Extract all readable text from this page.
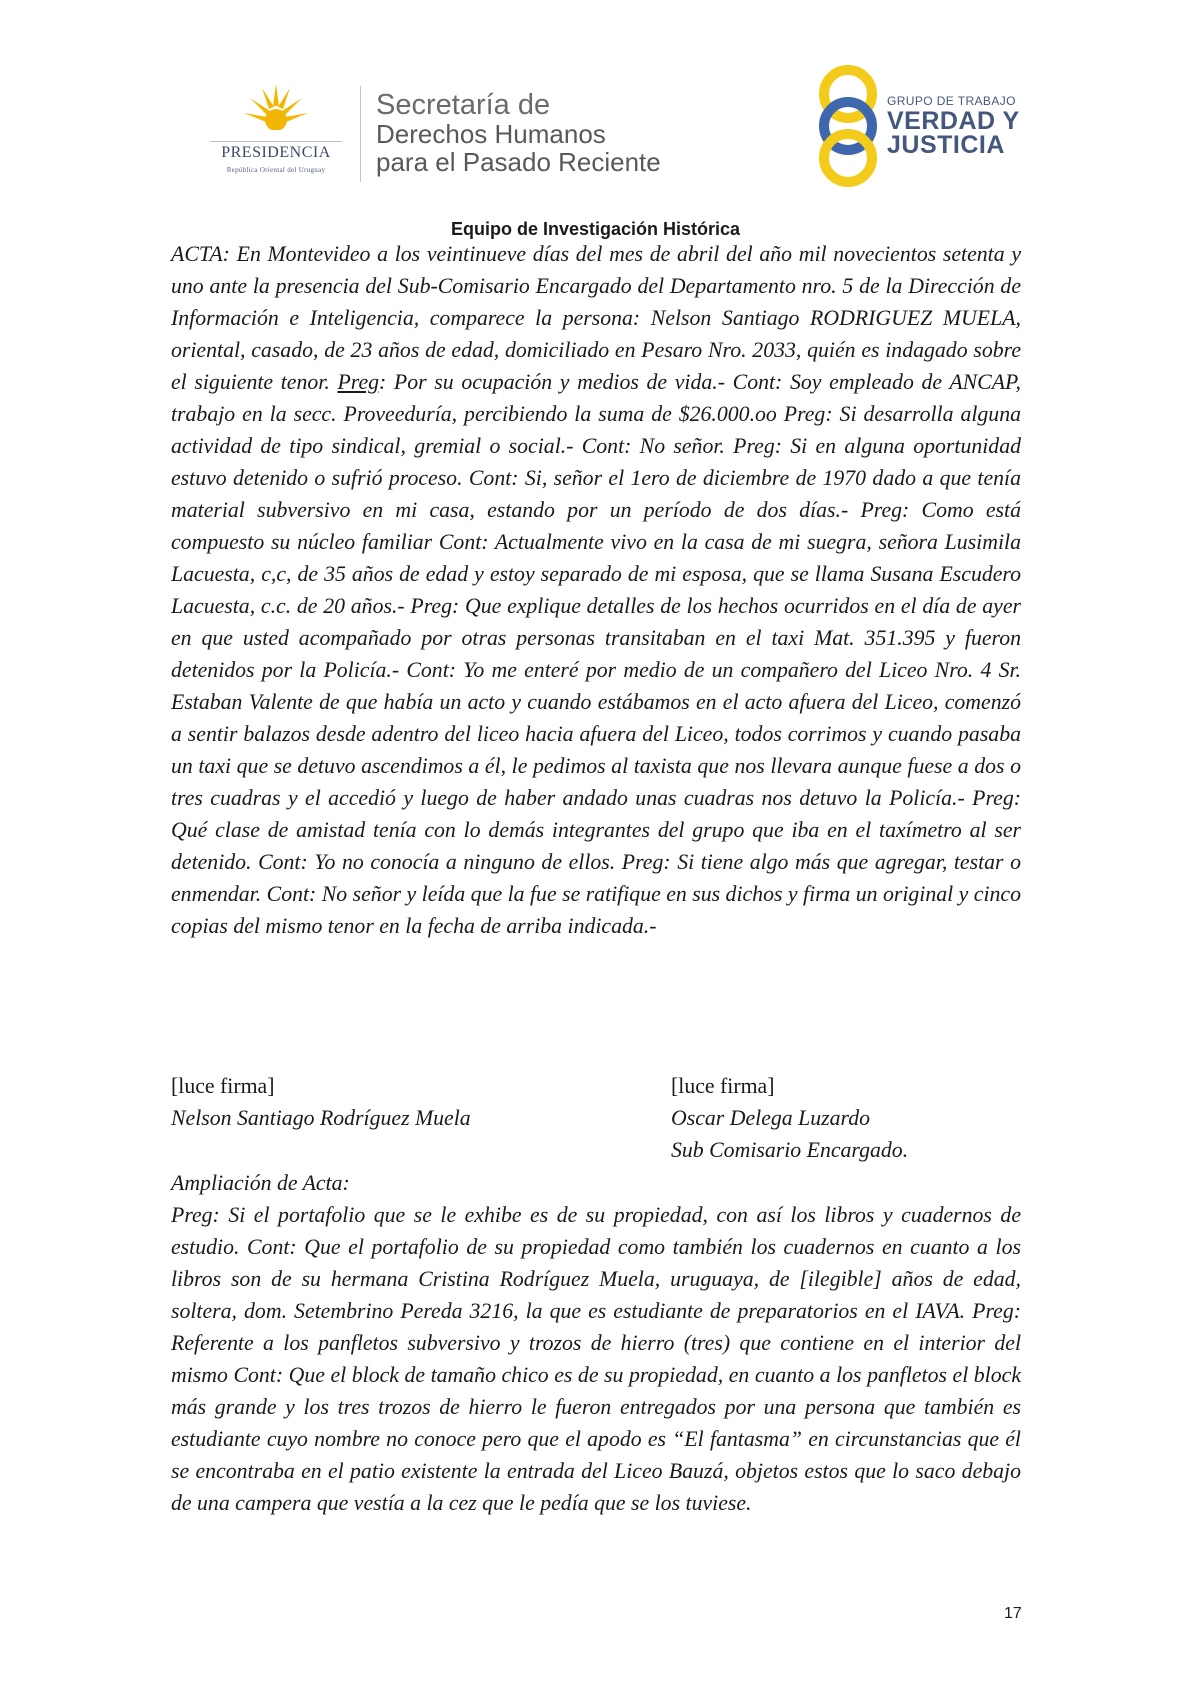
PRESIDENCIA
República Oriental del Uruguay
Secretaría de
Derechos Humanos
para el Pasado Reciente
GRUPO DE TRABAJO
VERDAD Y
JUSTICIA
Equipo de Investigación Histórica

ACTA: En Montevideo a los veintinueve días del mes de abril del año mil novecientos setenta y uno ante la presencia del Sub-Comisario Encargado del Departamento nro. 5 de la Dirección de Información e Inteligencia, comparece la persona: Nelson Santiago RODRIGUEZ MUELA, oriental, casado, de 23 años de edad, domiciliado en Pesaro Nro. 2033, quién es indagado sobre el siguiente tenor. Preg: Por su ocupación y medios de vida.- Cont: Soy empleado de ANCAP, trabajo en la secc. Proveeduría, percibiendo la suma de $26.000.oo Preg: Si desarrolla alguna actividad de tipo sindical, gremial o social.- Cont: No señor. Preg: Si en alguna oportunidad estuvo detenido o sufrió proceso. Cont: Si, señor el 1ero de diciembre de 1970 dado a que tenía material subversivo en mi casa, estando por un período de dos días.- Preg: Como está compuesto su núcleo familiar Cont: Actualmente vivo en la casa de mi suegra, señora Lusimila Lacuesta, c,c, de 35 años de edad y estoy separado de mi esposa, que se llama Susana Escudero Lacuesta, c.c. de 20 años.- Preg: Que explique detalles de los hechos ocurridos en el día de ayer en que usted acompañado por otras personas transitaban en el taxi Mat. 351.395 y fueron detenidos por la Policía.- Cont: Yo me enteré por medio de un compañero del Liceo Nro. 4 Sr. Estaban Valente de que había un acto y cuando estábamos en el acto afuera del Liceo, comenzó a sentir balazos desde adentro del liceo hacia afuera del Liceo, todos corrimos y cuando pasaba un taxi que se detuvo ascendimos a él, le pedimos al taxista que nos llevara aunque fuese a dos o tres cuadras y el accedió y luego de haber andado unas cuadras nos detuvo la Policía.- Preg: Qué clase de amistad tenía con lo demás integrantes del grupo que iba en el taxímetro al ser detenido. Cont: Yo no conocía a ninguno de ellos. Preg: Si tiene algo más que agregar, testar o enmendar. Cont: No señor y leída que la fue se ratifique en sus dichos y firma un original y cinco copias del mismo tenor en la fecha de arriba indicada.-

[luce firma]
Nelson Santiago Rodríguez Muela
[luce firma]
Oscar Delega Luzardo
Sub Comisario Encargado.

Ampliación de Acta:

Preg: Si el portafolio que se le exhibe es de su propiedad, con así los libros y cuadernos de estudio. Cont: Que el portafolio de su propiedad como también los cuadernos en cuanto a los libros son de su hermana Cristina Rodríguez Muela, uruguaya, de [ilegible] años de edad, soltera, dom. Setembrino Pereda 3216, la que es estudiante de preparatorios en el IAVA. Preg: Referente a los panfletos subversivo y trozos de hierro (tres) que contiene en el interior del mismo Cont: Que el block de tamaño chico es de su propiedad, en cuanto a los panfletos el block más grande y los tres trozos de hierro le fueron entregados por una persona que también es estudiante cuyo nombre no conoce pero que el apodo es “El fantasma” en circunstancias que él se encontraba en el patio existente la entrada del Liceo Bauzá, objetos estos que lo saco debajo de una campera que vestía a la cez que le pedía que se los tuviese.

17
